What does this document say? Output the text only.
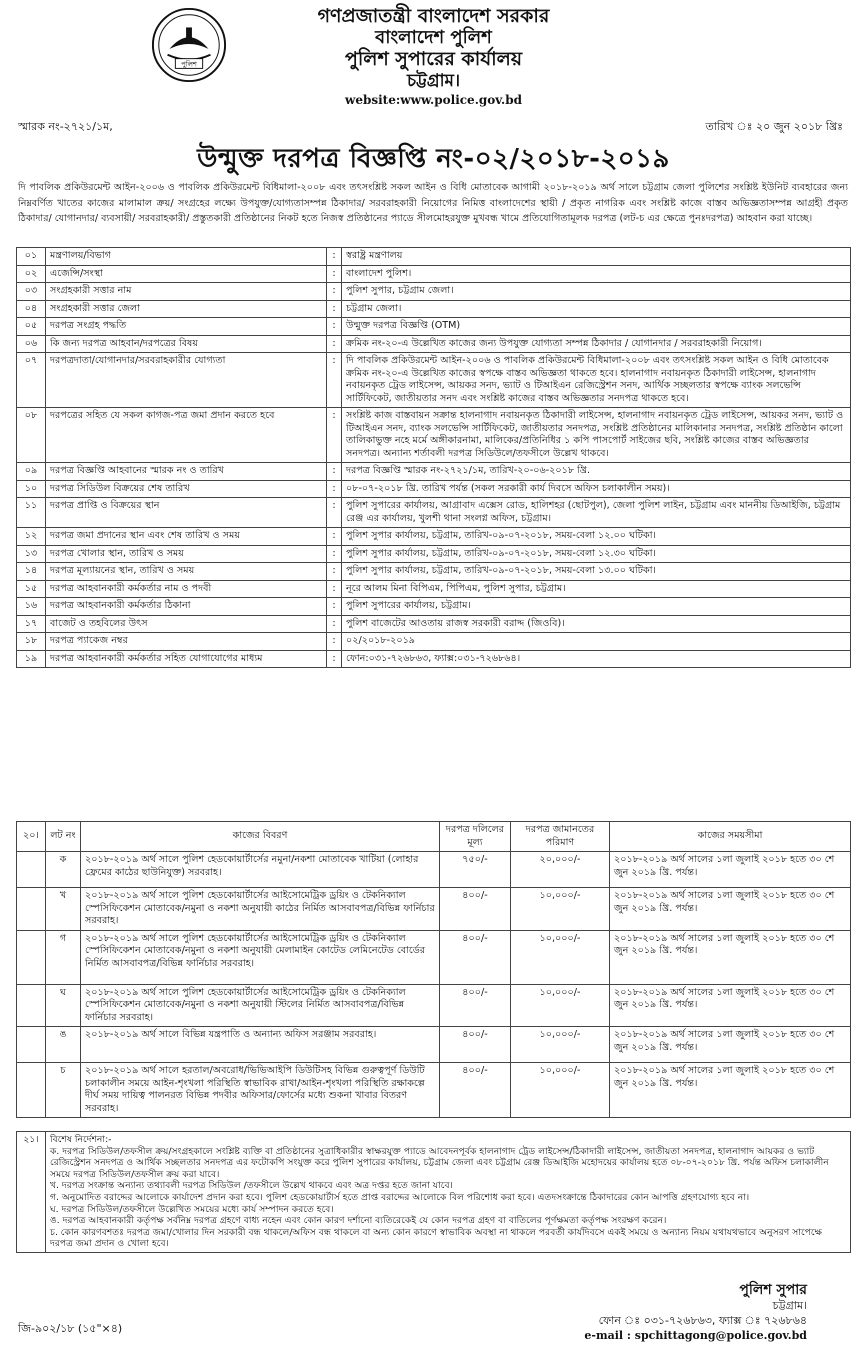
পুলিশ
গণপ্রজাতন্ত্রী বাংলাদেশ সরকার
বাংলাদেশ পুলিশ
পুলিশ সুপারের কার্যালয়
চট্টগ্রাম।
website:www.police.gov.bd
স্মারক নং-২৭২১/১ম,	তারিখ ঃ ২০ জুন ২০১৮ খ্রিঃ
উন্মুক্ত দরপত্র বিজ্ঞপ্তি নং-০২/২০১৮-২০১৯
দি পাবলিক প্রকিউরমেন্ট আইন-২০০৬ ও পাবলিক প্রকিউরমেন্ট বিধিমালা-২০০৮ এবং তৎসংশ্লিষ্ট সকল আইন ও বিধি মোতাবেক আগামী ২০১৮-২০১৯ অর্থ সালে চট্টগ্রাম জেলা পুলিশের সংশ্লিষ্ট ইউনিট ব্যবহারের জন্য নিম্নবর্ণিত খাতের কাজের মালামাল ক্রয়/ সংগ্রহের লক্ষ্যে উপযুক্ত/যোগ্যতাসম্পন্ন ঠিকাদার/ সরবরাহকারী নিয়োগের নিমিত্ত বাংলাদেশের স্থায়ী / প্রকৃত নাগরিক এবং সংশ্লিষ্ট কাজে বাস্তব অভিজ্ঞতাসম্পন্ন আগ্রহী প্রকৃত ঠিকাদার/ যোগানদার/ ব্যবসায়ী/ সরবরাহকারী/ প্রস্তুতকারী প্রতিষ্ঠানের নিকট হতে নিজস্ব প্রতিষ্ঠানের প্যাডে সীলমোহরযুক্ত মুখবন্ধ খামে প্রতিযোগিতামূলক দরপত্র (লট-চ এর ক্ষেত্রে পুনঃদরপত্র) আহবান করা যাচ্ছে।
০১	মন্ত্রণালয়/বিভাগ	:	স্বরাষ্ট্র মন্ত্রণালয়
০২	এজেন্সি/সংস্থা	:	বাংলাদেশ পুলিশ।
০৩	সংগ্রহকারী সত্তার নাম	:	পুলিশ সুপার, চট্টগ্রাম জেলা।
০৪	সংগ্রহকারী সত্তার জেলা	:	চট্টগ্রাম জেলা।
০৫	দরপত্র সংগ্রহ পদ্ধতি	:	উন্মুক্ত দরপত্র বিজ্ঞপ্তি (OTM)
০৬	কি জন্য দরপত্র আহবান/দরপত্রের বিষয়	:	ক্রমিক নং-২০-এ উল্লেখিত কাজের জন্য উপযুক্ত যোগ্যতা সম্পন্ন ঠিকাদার / যোগানদার / সরবরাহকারী নিয়োগ।
০৭	দরপত্রদাতা/যোগানদার/সরবরাহকারীর যোগ্যতা	:	দি পাবলিক প্রকিউরমেন্ট আইন-২০০৬ ও পাবলিক প্রকিউরমেন্ট বিধিমালা-২০০৮ এবং তৎসংশ্লিষ্ট সকল আইন ও বিধি মোতাবেক ক্রমিক নং-২০-এ উল্লেখিত কাজের স্বপক্ষে বাস্তব অভিজ্ঞতা থাকতে হবে। হালনাগাদ নবায়নকৃত ঠিকাদারী লাইসেন্স, হালনাগাদ নবায়নকৃত ট্রেড লাইসেন্স, আয়কর সনদ, ভ্যাট ও টিআইএন রেজিস্ট্রেশন সনদ, আর্থিক সচ্ছলতার স্বপক্ষে ব্যাংক সলভেন্সি সার্টিফিকেট, জাতীয়তার সনদ এবং সংশ্লিষ্ট কাজের বাস্তব অভিজ্ঞতার সনদপত্র থাকতে হবে।
০৮	দরপত্রের সহিত যে সকল কাগজ-পত্র জমা প্রদান করতে হবে	:	সংশ্লিষ্ট কাজ বাস্তবায়ন সক্রান্ত হালনাগাদ নবায়নকৃত ঠিকাদারী লাইসেন্স, হালনাগাদ নবায়নকৃত ট্রেড লাইসেন্স, আয়কর সনদ, ভ্যাট ও টিআইএন সনদ, ব্যাংক সলভেন্সি সার্টিফিকেট, জাতীয়তার সনদপত্র, সংশ্লিষ্ট প্রতিষ্ঠানের মালিকানার সনদপত্র, সংশ্লিষ্ট প্রতিষ্ঠান কালো তালিকাভুক্ত নহে মর্মে অঙ্গীকারনামা, মালিকের/প্রতিনিধির ১ কপি পাসপোর্ট সাইজের ছবি, সংশ্লিষ্ট কাজের বাস্তব অভিজ্ঞতার সনদপত্র। অন্যান্য শর্তাবলী দরপত্র সিডিউলে/তফসীলে উল্লেখ থাকবে।
০৯	দরপত্র বিজ্ঞপ্তি আহবানের স্মারক নং ও তারিখ	:	দরপত্র বিজ্ঞপ্তি স্মারক নং-২৭২১/১ম, তারিখ-২০-০৬-২০১৮ খ্রি.
১০	দরপত্র সিডিউল বিক্রয়ের শেষ তারিখ	:	০৮-০৭-২০১৮ খ্রি. তারিখ পর্যন্ত (সকল সরকারী কার্য দিবসে অফিস চলাকালীন সময়)।
১১	দরপত্র প্রাপ্তি ও বিক্রয়ের স্থান	:	পুলিশ সুপারের কার্যালয়, আগ্রাবাদ এক্সেস রোড, হালিশহর (ছোটপুল), জেলা পুলিশ লাইন, চট্টগ্রাম এবং মাননীয় ডিআইজি, চট্টগ্রাম রেঞ্জ এর কার্যালয়, খুলশী থানা সংলগ্ন অফিস, চট্টগ্রাম।
১২	দরপত্র জমা প্রদানের স্থান এবং শেষ তারিখ ও সময়	:	পুলিশ সুপার কার্যালয়, চট্টগ্রাম, তারিখ-০৯-০৭-২০১৮, সময়-বেলা ১২.০০ ঘটিকা।
১৩	দরপত্র খোলার স্থান, তারিখ ও সময়	:	পুলিশ সুপার কার্যালয়, চট্টগ্রাম, তারিখ-০৯-০৭-২০১৮, সময়-বেলা ১২.৩০ ঘটিকা।
১৪	দরপত্র মূল্যায়নের স্থান, তারিখ ও সময়	:	পুলিশ সুপার কার্যালয়, চট্টগ্রাম, তারিখ-০৯-০৭-২০১৮, সময়-বেলা ১৩.০০ ঘটিকা।
১৫	দরপত্র আহবানকারী কর্মকর্তার নাম ও পদবী	:	নূরে আলম মিনা বিপিএম, পিপিএম, পুলিশ সুপার, চট্টগ্রাম।
১৬	দরপত্র আহবানকারী কর্মকর্তার ঠিকানা	:	পুলিশ সুপারের কার্যালয়, চট্টগ্রাম।
১৭	বাজেট ও তহবিলের উৎস	:	পুলিশ বাজেটের আওতায় রাজস্ব সরকারী বরাদ্দ (জিওবি)।
১৮	দরপত্র প্যাকেজ নম্বর	:	০২/২০১৮-২০১৯
১৯	দরপত্র আহবানকারী কর্মকর্তার সহিত যোগাযোগের মাধ্যম	:	ফোন:০৩১-৭২৬৮৬৩, ফ্যাক্স:০৩১-৭২৬৮৬৪।
২০।	লট নং	কাজের বিবরণ	দরপত্র দলিলের মূল্য	দরপত্র জামানতের পরিমাণ	কাজের সময়সীমা
	ক	২০১৮-২০১৯ অর্থ সালে পুলিশ হেডকোয়ার্টার্সের নমুনা/নকশা মোতাবেক খাটিয়া (লোহার ফ্রেমের কাঠের ছাউনিযুক্ত) সরবরাহ।	৭৫০/-	২০,০০০/-	২০১৮-২০১৯ অর্থ সালের ১লা জুলাই ২০১৮ হতে ৩০ শে জুন ২০১৯ খ্রি. পর্যন্ত।
	খ	২০১৮-২০১৯ অর্থ সালে পুলিশ হেডকোয়ার্টার্সের আইসোমেট্রিক ড্রয়িং ও টেকনিক্যাল স্পেসিফিকেশন মোতাবেক/নমুনা ও নকশা অনুযায়ী কাঠের নির্মিত আসবাবপত্র/বিভিন্ন ফার্নিচার সরবরাহ।	৪০০/-	১০,০০০/-	২০১৮-২০১৯ অর্থ সালের ১লা জুলাই ২০১৮ হতে ৩০ শে জুন ২০১৯ খ্রি. পর্যন্ত।
	গ	২০১৮-২০১৯ অর্থ সালে পুলিশ হেডকোয়ার্টার্সের আইসোমেট্রিক ড্রয়িং ও টেকনিক্যাল স্পেসিফিকেশন মোতাবেক/নমুনা ও নকশা অনুযায়ী মেলামাইন কোটেড লেমিনেটেড বোর্ডের নির্মিত আসবাবপত্র/বিভিন্ন ফার্নিচার সরবরাহ।	৪০০/-	১০,০০০/-	২০১৮-২০১৯ অর্থ সালের ১লা জুলাই ২০১৮ হতে ৩০ শে জুন ২০১৯ খ্রি. পর্যন্ত।
	ঘ	২০১৮-২০১৯ অর্থ সালে পুলিশ হেডকোয়ার্টার্সের আইসোমেট্রিক ড্রয়িং ও টেকনিক্যাল স্পেসিফিকেশন মোতাবেক/নমুনা ও নকশা অনুযায়ী স্টিলের নির্মিত আসবাবপত্র/বিভিন্ন ফার্নিচার সরবরাহ।	৪০০/-	১০,০০০/-	২০১৮-২০১৯ অর্থ সালের ১লা জুলাই ২০১৮ হতে ৩০ শে জুন ২০১৯ খ্রি. পর্যন্ত।
	ঙ	২০১৮-২০১৯ অর্থ সালে বিভিন্ন যন্ত্রপাতি ও অন্যান্য অফিস সরঞ্জাম সরবরাহ।	৪০০/-	১০,০০০/-	২০১৮-২০১৯ অর্থ সালের ১লা জুলাই ২০১৮ হতে ৩০ শে জুন ২০১৯ খ্রি. পর্যন্ত।
	চ	২০১৮-২০১৯ অর্থ সালে হরতাল/অবরোধ/ভিভিআইপি ডিউটিসহ বিভিন্ন গুরুত্বপূর্ণ ডিউটি চলাকালীন সময়ে আইন-শৃংখলা পরিস্থিতি স্বাভাবিক রাখা/আইন-শৃংখলা পরিস্থিতি রক্ষাকল্পে দীর্ঘ সময় দায়িত্ব পালনরত বিভিন্ন পদবীর অফিসার/ফোর্সের মধ্যে শুকনা খাবার বিতরণ সরবরাহ।	৪০০/-	১০,০০০/-	২০১৮-২০১৯ অর্থ সালের ১লা জুলাই ২০১৮ হতে ৩০ শে জুন ২০১৯ খ্রি. পর্যন্ত।
২১।	বিশেষ নির্দেশনা:-
ক. দরপত্র সিডিউল/তফসীল ক্রয়/সংগ্রহকালে সংশ্লিষ্ট ব্যক্তি বা প্রতিষ্ঠানের সুত্রাধিকারীর স্বাক্ষরযুক্ত প্যাডে আবেদনপূর্বক হালনাগাদ ট্রেড লাইসেন্স/ঠিকাদারী লাইসেন্স, জাতীয়তা সনদপত্র, হালনাগাদ আয়কর ও ভ্যাট রেজিস্ট্রেশন সনদপত্র ও আর্থিক সচ্ছলতার সনদপত্র এর ফটোকপি সংযুক্ত করে পুলিশ সুপারের কার্যালয়, চট্টগ্রাম জেলা এবং চট্টগ্রাম রেঞ্জ ডিআইজি মহোদয়ের কার্যালয় হতে ০৮-০৭-২০১৮ খ্রি. পর্যন্ত অফিস চলাকালীন সময়ে দরপত্র সিডিউল/তফসীল ক্রয় করা যাবে।
খ. দরপত্র সংক্রান্ত অন্যান্য তথ্যাবলী দরপত্র সিডিউল /তফসীলে উল্লেখ থাকবে এবং অত্র দপ্তর হতে জানা যাবে।
গ. অনুমোদিত বরাদ্দের আলোকে কার্যাদেশ প্রদান করা হবে। পুলিশ হেডকোয়ার্টার্স হতে প্রাপ্ত বরাদ্দের আলোকে বিল পরিশোধ করা হবে। এতদসংক্রান্তে ঠিকাদারের কোন আপত্তি গ্রহণযোগ্য হবে না।
ঘ. দরপত্র সিডিউল/তফসীলে উল্লেখিত সময়ের মধ্যে কার্য সম্পাদন করতে হবে।
ঙ. দরপত্র আহবানকারী কর্তৃপক্ষ সর্বনিম্ন দরপত্র গ্রহণে বাধ্য নহেন এবং কোন কারণ দর্শানো ব্যতিরেকেই যে কোন দরপত্র গ্রহণ বা বাতিলের পূর্ণক্ষমতা কর্তৃপক্ষ সংরক্ষণ করেন।
চ. কোন কারণবশতঃ দরপত্র জমা/খোলার দিন সরকারী বন্ধ থাকলে/অফিস বন্ধ থাকলে বা অন্য কোন কারণে স্বাভাবিক অবস্থা না থাকলে পরবর্তী কার্যদিবসে একই সময়ে ও অন্যান্য নিয়ম যথাযথভাবে অনুসরণ সাপেক্ষে দরপত্র জমা প্রদান ও খোলা হবে।
পুলিশ সুপার
চট্টগ্রাম।
ফোন ঃ ০৩১-৭২৬৮৬৩, ফ্যাক্স ঃ ৭২৬৮৬৪
e-mail : spchittagong@police.gov.bd
জি-৯০২/১৮ (১৫"×৪)
